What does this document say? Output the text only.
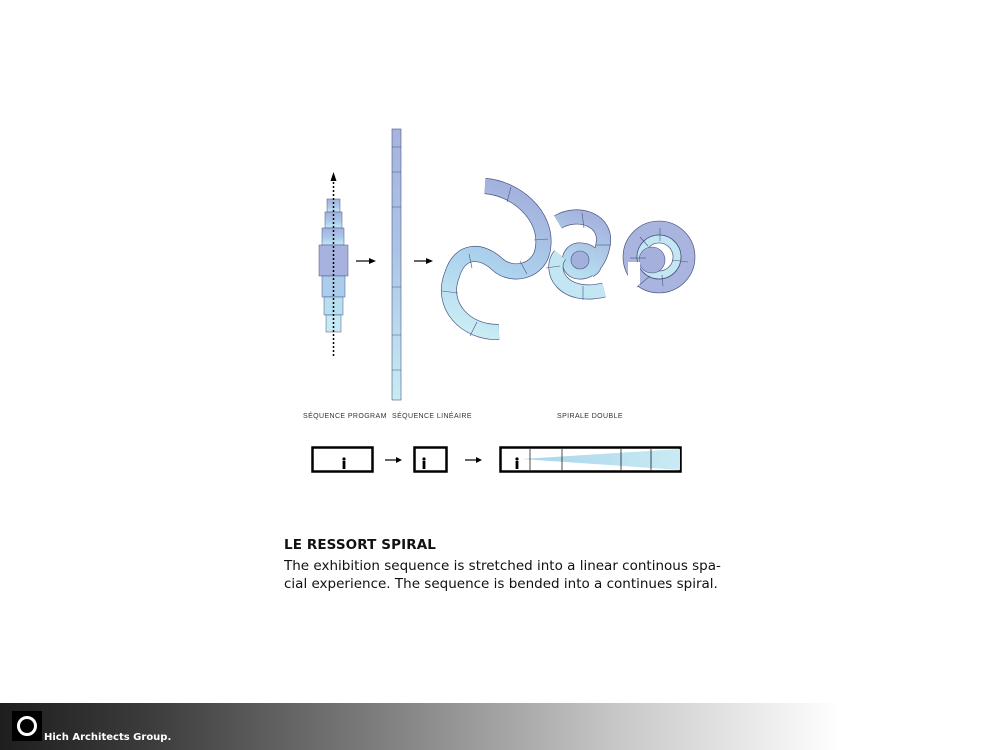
SÉQUENCE PROGRAM SÉQUENCE LINÉAIRE	SPIRALE DOUBLE

LE RESSORT SPIRAL

The exhibition sequence is stretched into a linear continous spa-cial experience. The sequence is bended into a continues spiral.

Hich Architects Group.
